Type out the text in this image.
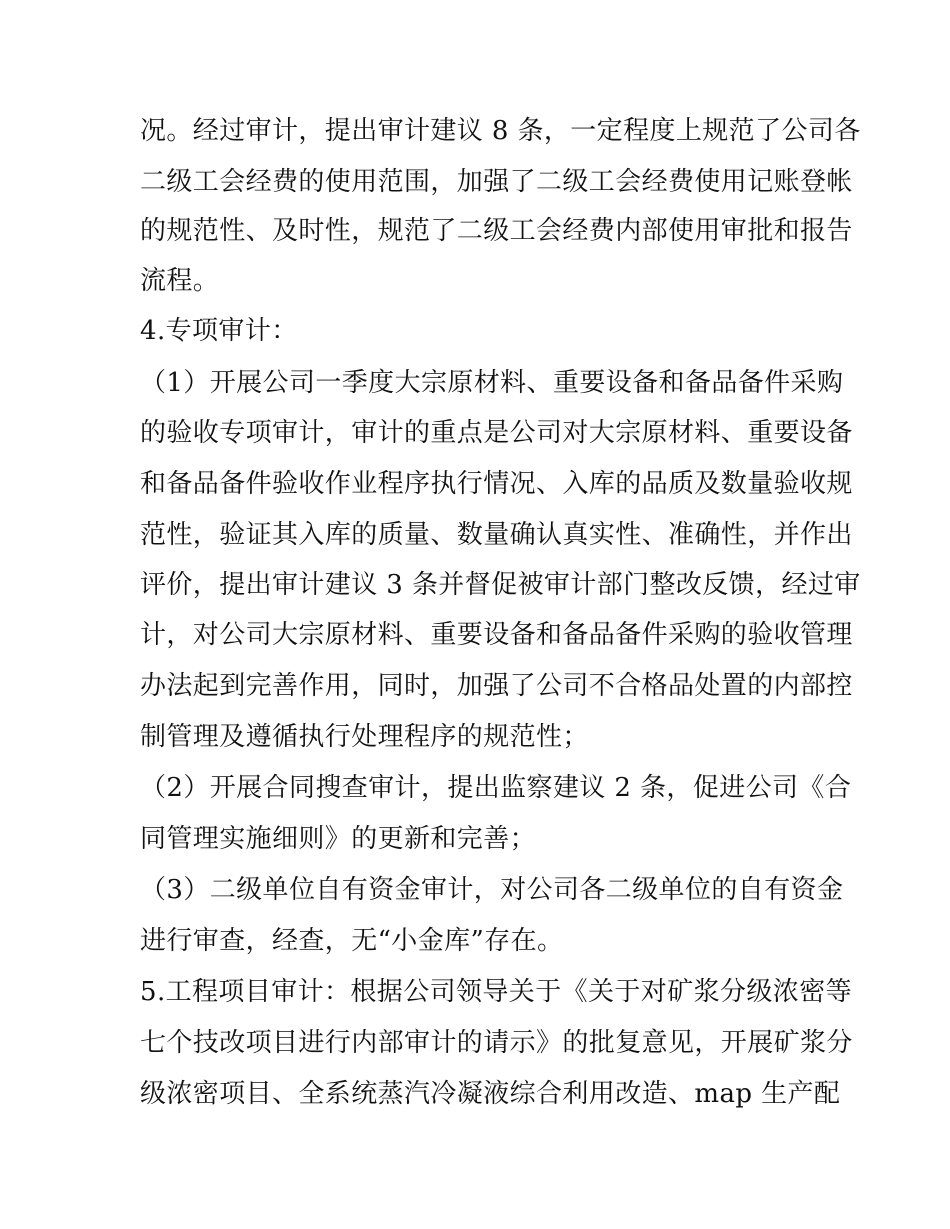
况。经过审计，提出审计建议 8 条，一定程度上规范了公司各
二级工会经费的使用范围，加强了二级工会经费使用记账登帐
的规范性、及时性，规范了二级工会经费内部使用审批和报告
流程。
4.专项审计：
（1）开展公司一季度大宗原材料、重要设备和备品备件采购
的验收专项审计，审计的重点是公司对大宗原材料、重要设备
和备品备件验收作业程序执行情况、入库的品质及数量验收规
范性，验证其入库的质量、数量确认真实性、准确性，并作出
评价，提出审计建议 3 条并督促被审计部门整改反馈，经过审
计，对公司大宗原材料、重要设备和备品备件采购的验收管理
办法起到完善作用，同时，加强了公司不合格品处置的内部控
制管理及遵循执行处理程序的规范性；
（2）开展合同搜查审计，提出监察建议 2 条，促进公司《合
同管理实施细则》的更新和完善；
（3）二级单位自有资金审计，对公司各二级单位的自有资金
进行审查，经查，无“小金库”存在。
5.工程项目审计：根据公司领导关于《关于对矿浆分级浓密等
七个技改项目进行内部审计的请示》的批复意见，开展矿浆分
级浓密项目、全系统蒸汽冷凝液综合利用改造、map 生产配
